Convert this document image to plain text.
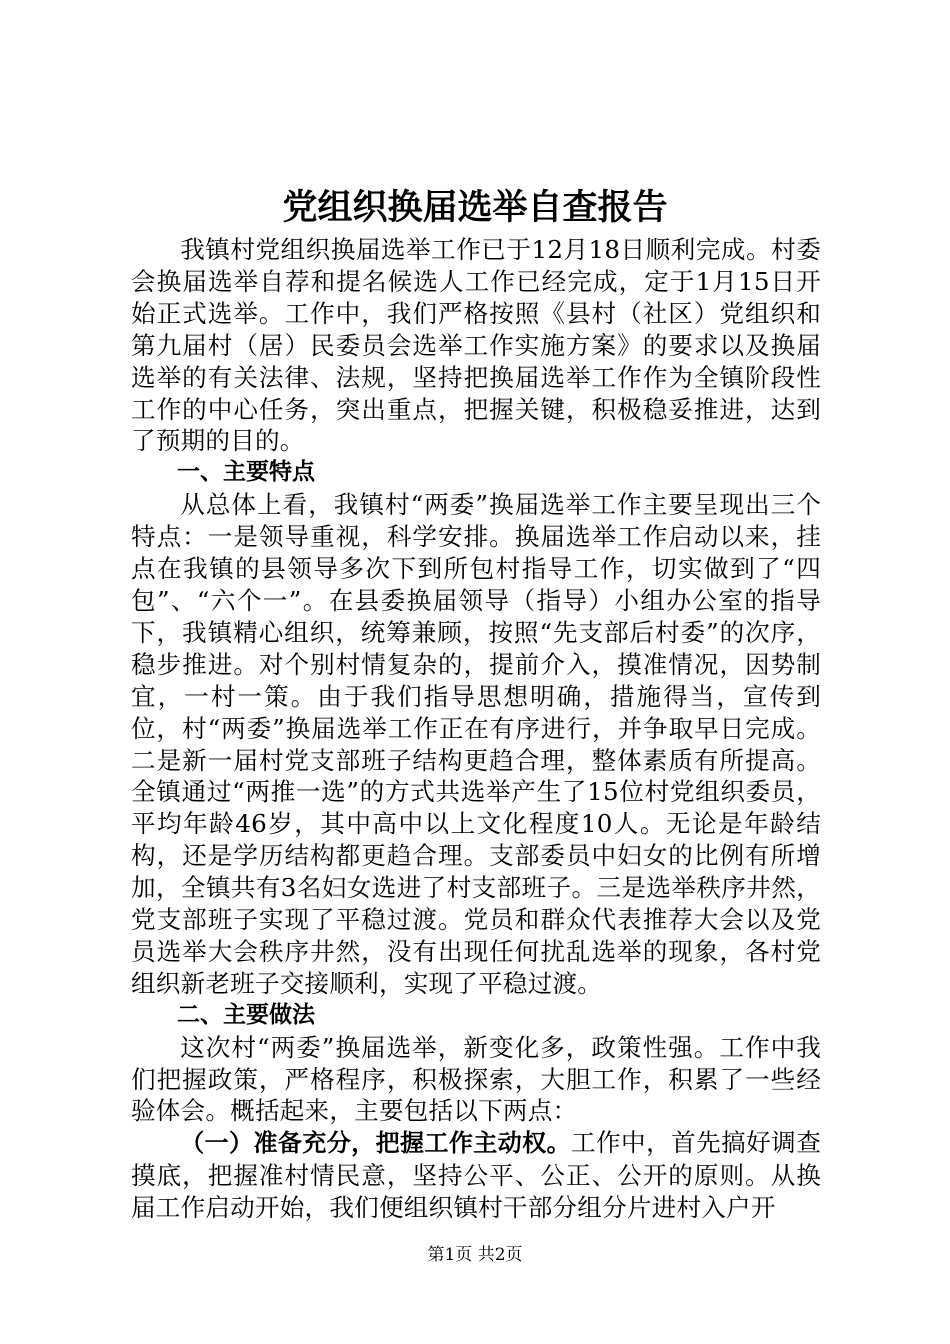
党组织换届选举自查报告

我镇村党组织换届选举工作已于12月18日顺利完成。村委会换届选举自荐和提名候选人工作已经完成，定于1月15日开始正式选举。工作中，我们严格按照《县村（社区）党组织和第九届村（居）民委员会选举工作实施方案》的要求以及换届选举的有关法律、法规，坚持把换届选举工作作为全镇阶段性工作的中心任务，突出重点，把握关键，积极稳妥推进，达到了预期的目的。

一、主要特点

从总体上看，我镇村“两委”换届选举工作主要呈现出三个特点：一是领导重视，科学安排。换届选举工作启动以来，挂点在我镇的县领导多次下到所包村指导工作，切实做到了“四包”、“六个一”。在县委换届领导（指导）小组办公室的指导下，我镇精心组织，统筹兼顾，按照“先支部后村委”的次序，稳步推进。对个别村情复杂的，提前介入，摸准情况，因势制宜，一村一策。由于我们指导思想明确，措施得当，宣传到位，村“两委”换届选举工作正在有序进行，并争取早日完成。二是新一届村党支部班子结构更趋合理，整体素质有所提高。全镇通过“两推一选”的方式共选举产生了15位村党组织委员，平均年龄46岁，其中高中以上文化程度10人。无论是年龄结构，还是学历结构都更趋合理。支部委员中妇女的比例有所增加，全镇共有3名妇女选进了村支部班子。三是选举秩序井然，党支部班子实现了平稳过渡。党员和群众代表推荐大会以及党员选举大会秩序井然，没有出现任何扰乱选举的现象，各村党组织新老班子交接顺利，实现了平稳过渡。

二、主要做法

这次村“两委”换届选举，新变化多，政策性强。工作中我们把握政策，严格程序，积极探索，大胆工作，积累了一些经验体会。概括起来，主要包括以下两点：

（一）准备充分，把握工作主动权。工作中，首先搞好调查摸底，把握准村情民意，坚持公平、公正、公开的原则。从换届工作启动开始，我们便组织镇村干部分组分片进村入户开

第1页 共2页
